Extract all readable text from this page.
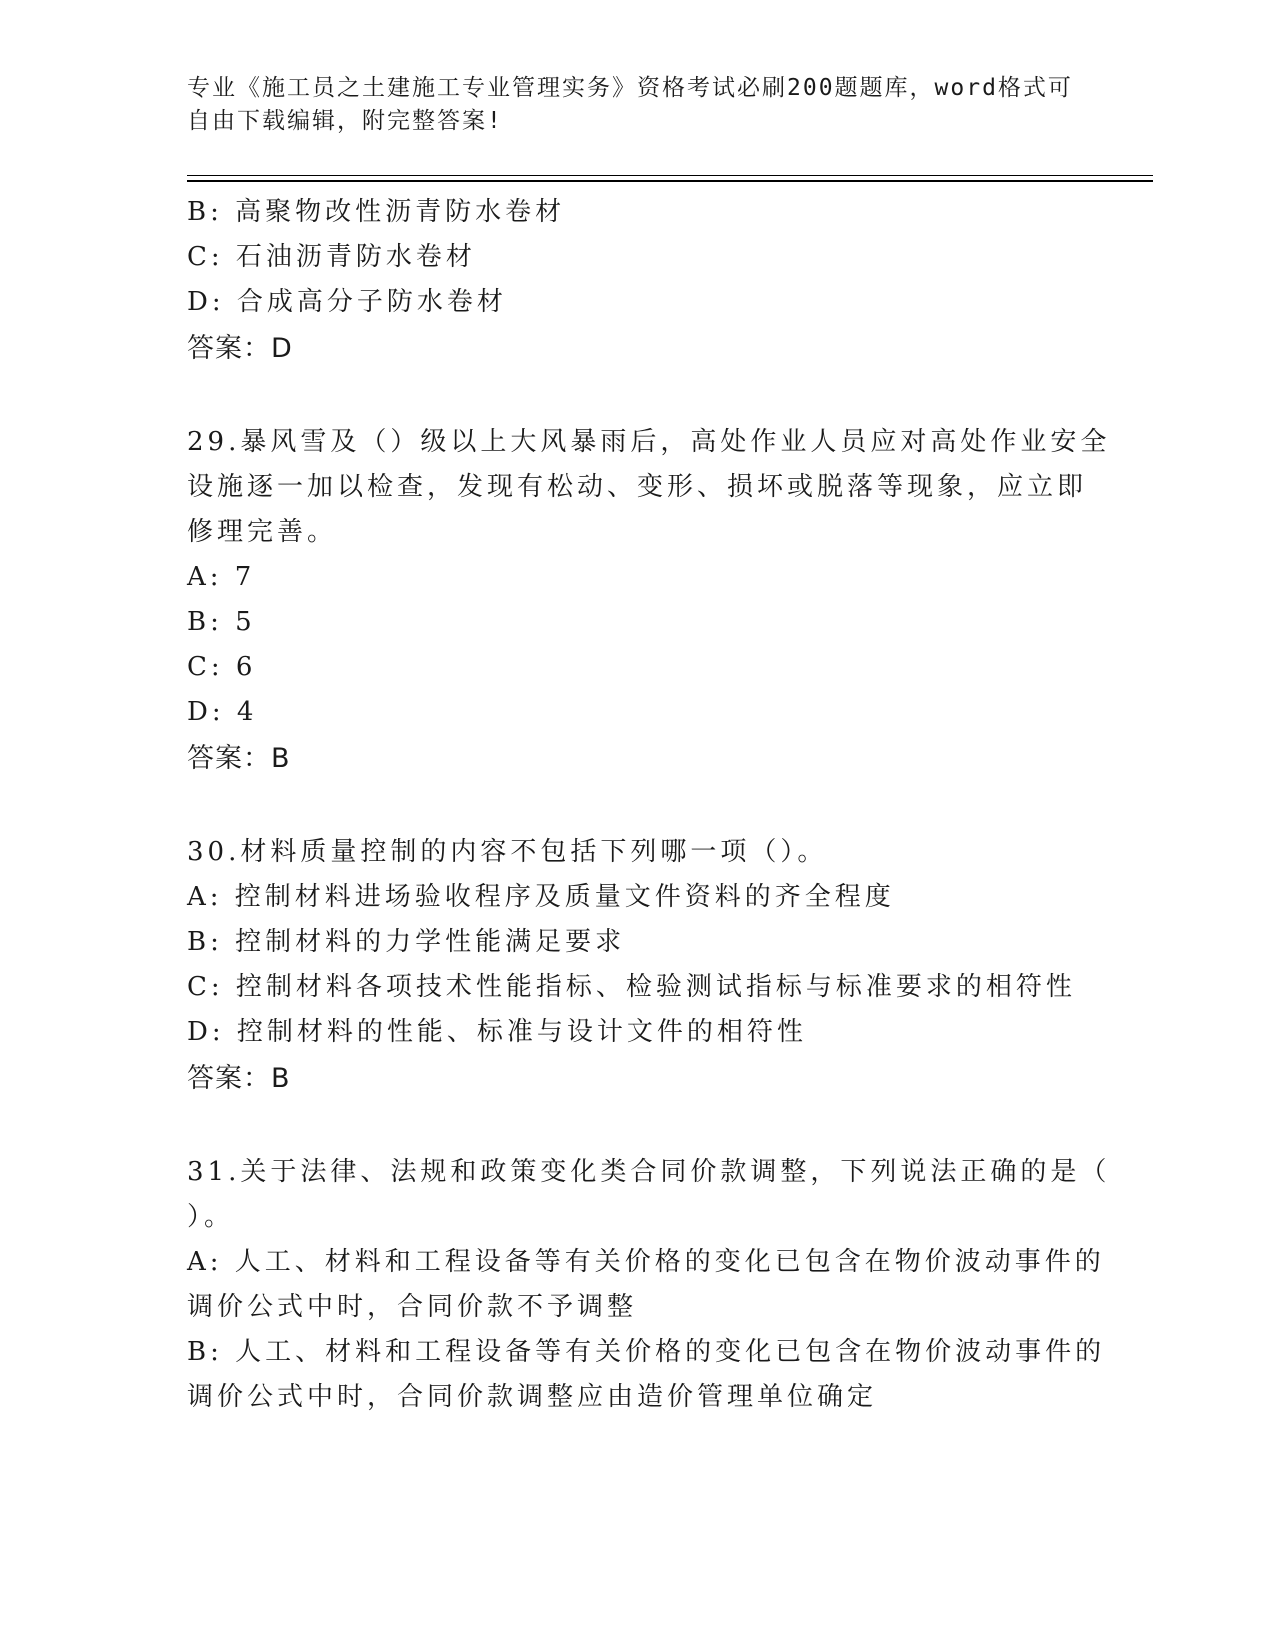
专业《施工员之土建施工专业管理实务》资格考试必刷200题题库，word格式可
自由下载编辑，附完整答案!
B: 高聚物改性沥青防水卷材
C: 石油沥青防水卷材
D: 合成高分子防水卷材
答案：D
29.暴风雪及（）级以上大风暴雨后，高处作业人员应对高处作业安全
设施逐一加以检查，发现有松动、变形、损坏或脱落等现象，应立即
修理完善。
A: 7
B: 5
C: 6
D: 4
答案：B
30.材料质量控制的内容不包括下列哪一项（）。
A: 控制材料进场验收程序及质量文件资料的齐全程度
B: 控制材料的力学性能满足要求
C: 控制材料各项技术性能指标、检验测试指标与标准要求的相符性
D: 控制材料的性能、标准与设计文件的相符性
答案：B
31.关于法律、法规和政策变化类合同价款调整，下列说法正确的是（
）。
A: 人工、材料和工程设备等有关价格的变化已包含在物价波动事件的
调价公式中时，合同价款不予调整
B: 人工、材料和工程设备等有关价格的变化已包含在物价波动事件的
调价公式中时，合同价款调整应由造价管理单位确定
